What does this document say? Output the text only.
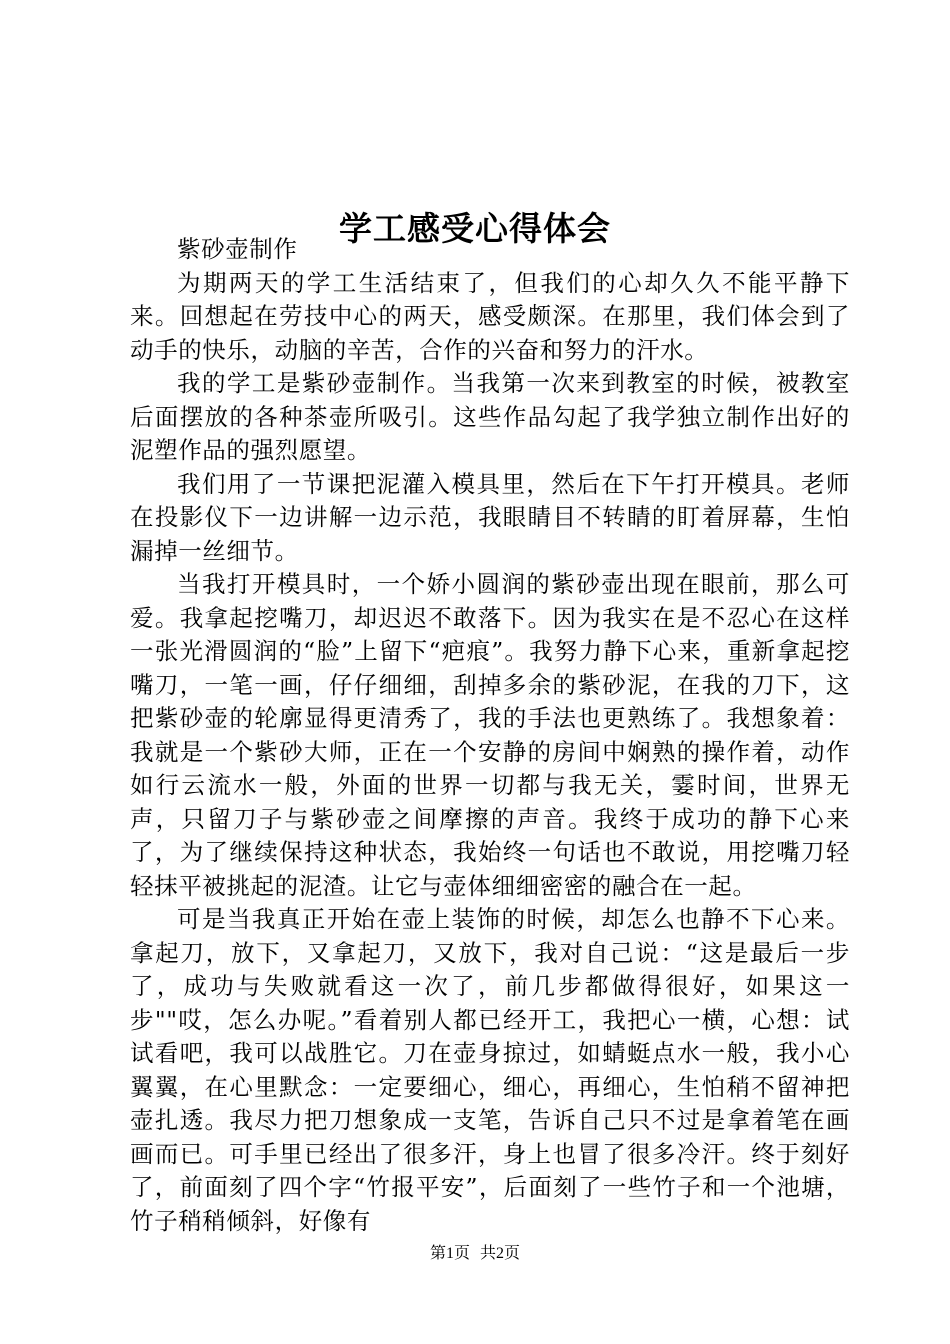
学工感受心得体会

紫砂壶制作

为期两天的学工生活结束了，但我们的心却久久不能平静下来。回想起在劳技中心的两天，感受颇深。在那里，我们体会到了动手的快乐，动脑的辛苦，合作的兴奋和努力的汗水。

我的学工是紫砂壶制作。当我第一次来到教室的时候，被教室后面摆放的各种茶壶所吸引。这些作品勾起了我学独立制作出好的泥塑作品的强烈愿望。

我们用了一节课把泥灌入模具里，然后在下午打开模具。老师在投影仪下一边讲解一边示范，我眼睛目不转睛的盯着屏幕，生怕漏掉一丝细节。

当我打开模具时，一个娇小圆润的紫砂壶出现在眼前，那么可爱。我拿起挖嘴刀，却迟迟不敢落下。因为我实在是不忍心在这样一张光滑圆润的“脸”上留下“疤痕”。我努力静下心来，重新拿起挖嘴刀，一笔一画，仔仔细细，刮掉多余的紫砂泥，在我的刀下，这把紫砂壶的轮廓显得更清秀了，我的手法也更熟练了。我想象着：我就是一个紫砂大师，正在一个安静的房间中娴熟的操作着，动作如行云流水一般，外面的世界一切都与我无关，霎时间，世界无声，只留刀子与紫砂壶之间摩擦的声音。我终于成功的静下心来了，为了继续保持这种状态，我始终一句话也不敢说，用挖嘴刀轻轻抹平被挑起的泥渣。让它与壶体细细密密的融合在一起。

可是当我真正开始在壶上装饰的时候，却怎么也静不下心来。拿起刀，放下，又拿起刀，又放下，我对自己说：“这是最后一步了，成功与失败就看这一次了，前几步都做得很好，如果这一步""哎，怎么办呢。”看着别人都已经开工，我把心一横，心想：试试看吧，我可以战胜它。刀在壶身掠过，如蜻蜓点水一般，我小心翼翼，在心里默念：一定要细心，细心，再细心，生怕稍不留神把壶扎透。我尽力把刀想象成一支笔，告诉自己只不过是拿着笔在画画而已。可手里已经出了很多汗，身上也冒了很多冷汗。终于刻好了，前面刻了四个字“竹报平安”，后面刻了一些竹子和一个池塘，竹子稍稍倾斜，好像有

第1页 共2页
